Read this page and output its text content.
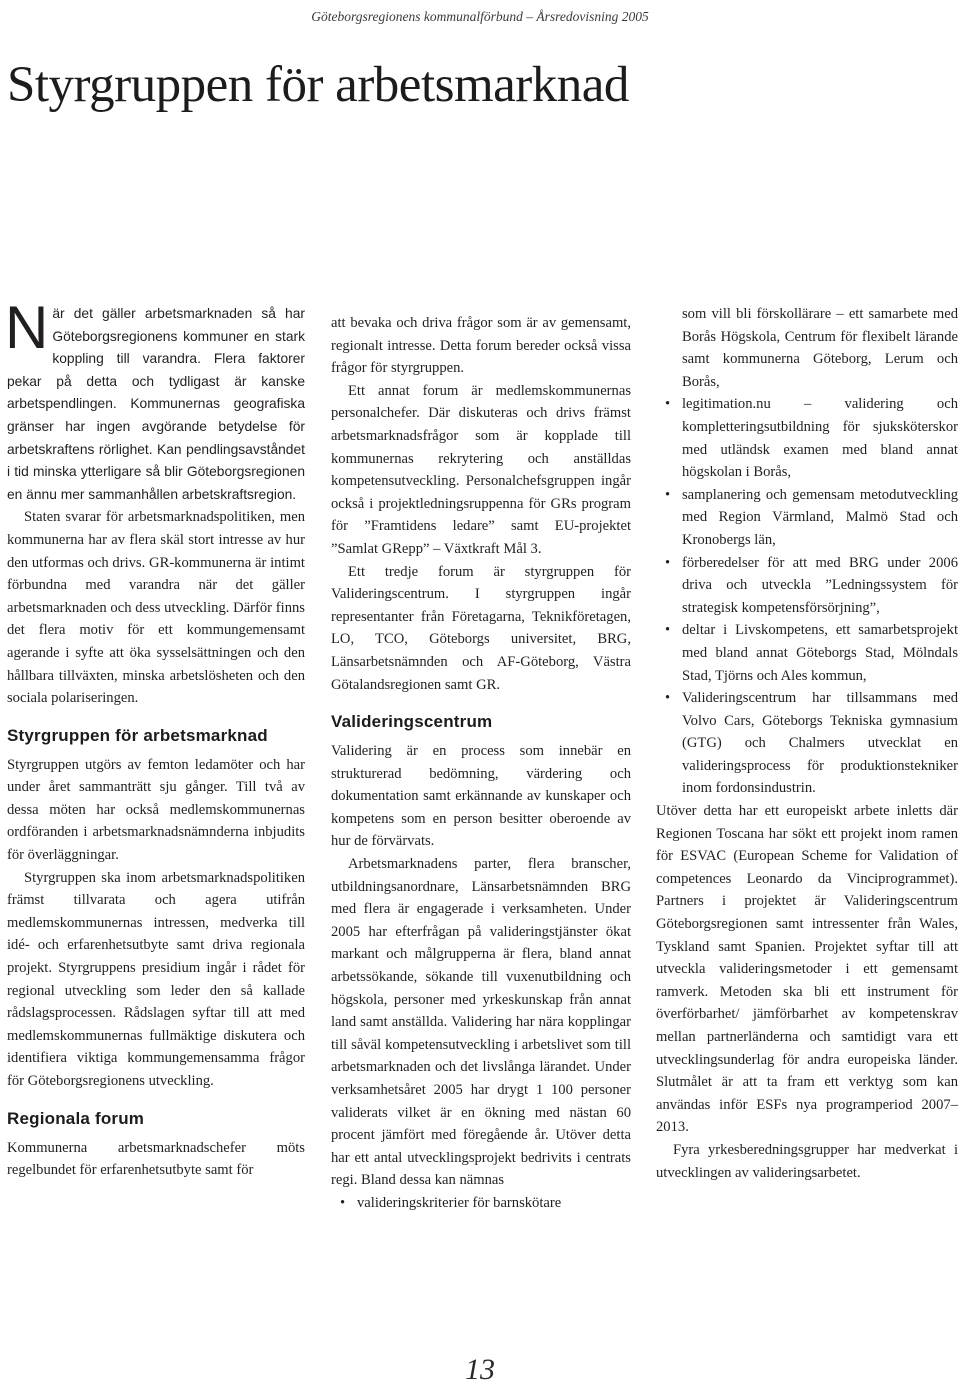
Göteborgsregionens kommunalförbund – Årsredovisning 2005
Styrgruppen för arbetsmarknad

När det gäller arbetsmarknaden så har Göteborgsregionens kommuner en stark koppling till varandra. Flera faktorer pekar på detta och tydligast är kanske arbetspendlingen. Kommunernas geografiska gränser har ingen avgörande betydelse för arbetskraftens rörlighet. Kan pendlingsavståndet i tid minska ytterligare så blir Göteborgsregionen en ännu mer sammanhållen arbetskraftsregion.

Staten svarar för arbetsmarknadspolitiken, men kommunerna har av flera skäl stort intresse av hur den utformas och drivs. GR-kommunerna är intimt förbundna med varandra när det gäller arbetsmarknaden och dess utveckling. Därför finns det flera motiv för ett kommungemensamt agerande i syfte att öka sysselsättningen och den hållbara tillväxten, minska arbetslösheten och den sociala polariseringen.

Styrgruppen för arbetsmarknad

Styrgruppen utgörs av femton ledamöter och har under året sammanträtt sju gånger. Till två av dessa möten har också medlemskommunernas ordföranden i arbetsmarknadsnämnderna inbjudits för överläggningar.

Styrgruppen ska inom arbetsmarknadspolitiken främst tillvarata och agera utifrån medlemskommunernas intressen, medverka till idé- och erfarenhetsutbyte samt driva regionala projekt. Styrgruppens presidium ingår i rådet för regional utveckling som leder den så kallade rådslagsprocessen. Rådslagen syftar till att med medlemskommunernas fullmäktige diskutera och identifiera viktiga kommungemensamma frågor för Göteborgsregionens utveckling.

Regionala forum

Kommunerna arbetsmarknadschefer möts regelbundet för erfarenhetsutbyte samt för

att bevaka och driva frågor som är av gemensamt, regionalt intresse. Detta forum bereder också vissa frågor för styrgruppen.

Ett annat forum är medlemskommunernas personalchefer. Där diskuteras och drivs främst arbetsmarknadsfrågor som är kopplade till kommunernas rekrytering och anställdas kompetensutveckling. Personalchefsgruppen ingår också i projektledningsruppenna för GRs program för ”Framtidens ledare” samt EU-projektet ”Samlat GRepp” – Växtkraft Mål 3.

Ett tredje forum är styrgruppen för Valideringscentrum. I styrgruppen ingår representanter från Företagarna, Teknikföretagen, LO, TCO, Göteborgs universitet, BRG, Länsarbetsnämnden och AF-Göteborg, Västra Götalandsregionen samt GR.

Valideringscentrum

Validering är en process som innebär en strukturerad bedömning, värdering och dokumentation samt erkännande av kunskaper och kompetens som en person besitter oberoende av hur de förvärvats.

Arbetsmarknadens parter, flera branscher, utbildningsanordnare, Länsarbetsnämnden BRG med flera är engagerade i verksamheten. Under 2005 har efterfrågan på valideringstjänster ökat markant och målgrupperna är flera, bland annat arbetssökande, sökande till vuxenutbildning och högskola, personer med yrkeskunskap från annat land samt anställda. Validering har nära kopplingar till såväl kompetensutveckling i arbetslivet som till arbetsmarknaden och det livslånga lärandet. Under verksamhetsåret 2005 har drygt 1 100 personer validerats vilket är en ökning med nästan 60 procent jämfört med föregående år. Utöver detta har ett antal utvecklingsprojekt bedrivits i centrats regi. Bland dessa kan nämnas

• valideringskriterier för barnskötare
som vill bli förskollärare – ett samarbete med Borås Högskola, Centrum för flexibelt lärande samt kommunerna Göteborg, Lerum och Borås,
• legitimation.nu – validering och kompletteringsutbildning för sjuksköterskor med utländsk examen med bland annat högskolan i Borås,
• samplanering och gemensam metodutveckling med Region Värmland, Malmö Stad och Kronobergs län,
• förberedelser för att med BRG under 2006 driva och utveckla ”Ledningssystem för strategisk kompetensförsörjning”,
• deltar i Livskompetens, ett samarbetsprojekt med bland annat Göteborgs Stad, Mölndals Stad, Tjörns och Ales kommun,
• Valideringscentrum har tillsammans med Volvo Cars, Göteborgs Tekniska gymnasium (GTG) och Chalmers utvecklat en valideringsprocess för produktionstekniker inom fordonsindustrin.

Utöver detta har ett europeiskt arbete inletts där Regionen Toscana har sökt ett projekt inom ramen för ESVAC (European Scheme for Validation of competences Leonardo da Vinciprogrammet). Partners i projektet är Valideringscentrum Göteborgsregionen samt intressenter från Wales, Tyskland samt Spanien. Projektet syftar till att utveckla valideringsmetoder i ett gemensamt ramverk. Metoden ska bli ett instrument för överförbarhet/ jämförbarhet av kompetenskrav mellan partnerländerna och samtidigt vara ett utvecklingsunderlag för andra europeiska länder. Slutmålet är att ta fram ett verktyg som kan användas inför ESFs nya programperiod 2007–2013.

Fyra yrkesberedningsgrupper har medverkat i utvecklingen av valideringsarbetet.

13
